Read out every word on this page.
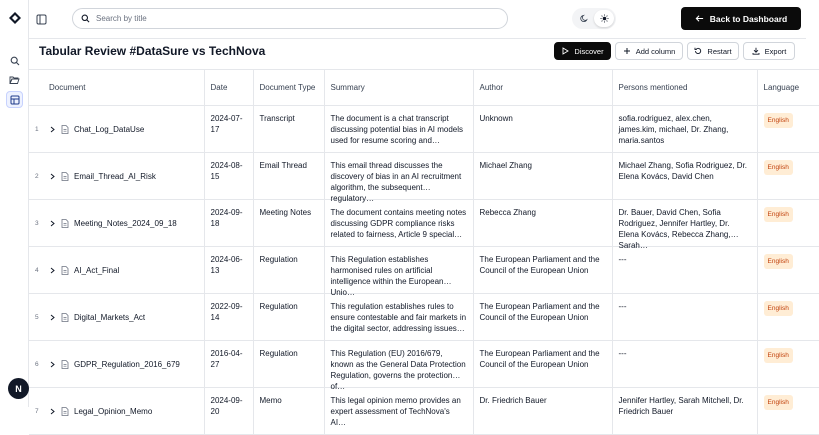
N
Search by title
Back to Dashboard
Tabular Review #DataSure vs TechNova	Discover	Add column	Restart	Export
Document	Date	Document Type	Summary	Author	Persons mentioned	Language

1 Chat_Log_DataUse	2024-07-17	Transcript	The document is a chat transcript discussing potential bias in AI models used for resume scoring and…	Unknown	sofia.rodriguez, alex.chen, james.kim, michael, Dr. Zhang, maria.santos	English

2 Email_Thread_AI_Risk	2024-08-15	Email Thread	This email thread discusses the discovery of bias in an AI recruitment algorithm, the subsequent regulatory…	Michael Zhang	Michael Zhang, Sofia Rodriguez, Dr. Elena Kovács, David Chen	English

3 Meeting_Notes_2024_09_18	2024-09-18	Meeting Notes	The document contains meeting notes discussing GDPR compliance risks related to fairness, Article 9 special…	Rebecca Zhang	Dr. Bauer, David Chen, Sofia Rodriguez, Jennifer Hartley, Dr. Elena Kovács, Rebecca Zhang, Sarah…	English

4 AI_Act_Final	2024-06-13	Regulation	This Regulation establishes harmonised rules on artificial intelligence within the European Unio…	The European Parliament and the Council of the European Union	---	English

5 Digital_Markets_Act	2022-09-14	Regulation	This regulation establishes rules to ensure contestable and fair markets in the digital sector, addressing issues…	The European Parliament and the Council of the European Union	---	English

6 GDPR_Regulation_2016_679	2016-04-27	Regulation	This Regulation (EU) 2016/679, known as the General Data Protection Regulation, governs the protection of…	The European Parliament and the Council of the European Union	---	English

7 Legal_Opinion_Memo	2024-09-20	Memo	This legal opinion memo provides an expert assessment of TechNova's AI…	Dr. Friedrich Bauer	Jennifer Hartley, Sarah Mitchell, Dr. Friedrich Bauer	English
